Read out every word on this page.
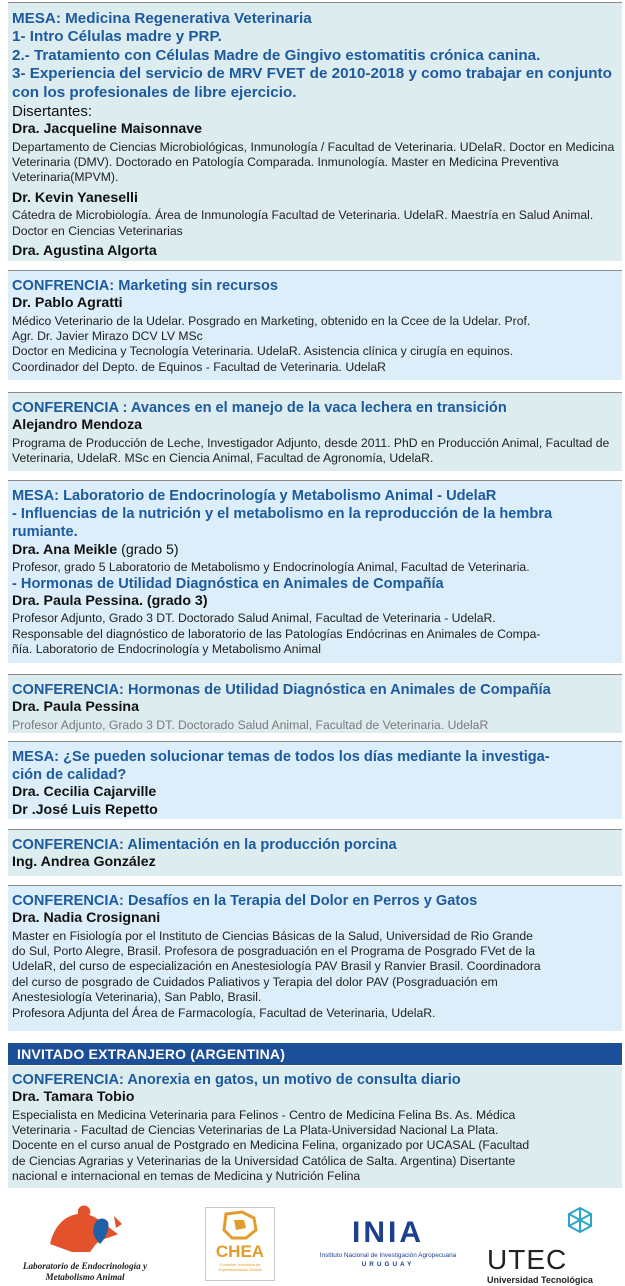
MESA: Medicina Regenerativa Veterinaria
1- Intro Células madre y PRP.
2.- Tratamiento con Células Madre de Gingivo estomatitis crónica canina.
3- Experiencia del servicio de MRV FVET de 2010-2018 y como trabajar en conjunto con los profesionales de libre ejercicio.
Disertantes:
Dra. Jacqueline Maisonnave
Departamento de Ciencias Microbiológicas, Inmunología / Facultad de Veterinaria. UDelaR. Doctor en Medicina Veterinaria (DMV). Doctorado en Patología Comparada. Inmunología. Master en Medicina Preventiva Veterinaria(MPVM).
Dr. Kevin Yaneselli
Cátedra de Microbiología. Área de Inmunología Facultad de Veterinaria. UdelaR. Maestría en Salud Animal. Doctor en Ciencias Veterinarias
Dra. Agustina Algorta
CONFRENCIA: Marketing sin recursos
Dr. Pablo Agratti
Médico Veterinario de la Udelar. Posgrado en Marketing, obtenido en la Ccee de la Udelar. Prof.
Agr. Dr. Javier Mirazo DCV LV MSc
Doctor en Medicina y Tecnología Veterinaria. UdelaR. Asistencia clínica y cirugía en equinos.
Coordinador del Depto. de Equinos - Facultad de Veterinaria. UdelaR
CONFERENCIA : Avances en el manejo de la vaca lechera en transición
Alejandro Mendoza
Programa de Producción de Leche, Investigador Adjunto, desde 2011. PhD en Producción Animal, Facultad de Veterinaria, UdelaR. MSc en Ciencia Animal, Facultad de Agronomía, UdelaR.
MESA: Laboratorio de Endocrinología y Metabolismo Animal - UdelaR
- Influencias de la nutrición y el metabolismo en la reproducción de la hembra rumiante.
Dra. Ana Meikle (grado 5)
Profesor, grado 5 Laboratorio de Metabolismo y Endocrinología Animal, Facultad de Veterinaria.
- Hormonas de Utilidad Diagnóstica en Animales de Compañía
Dra. Paula Pessina. (grado 3)
Profesor Adjunto, Grado 3 DT. Doctorado Salud Animal, Facultad de Veterinaria - UdelaR.
Responsable del diagnóstico de laboratorio de las Patologías Endócrinas en Animales de Compa-
ñía. Laboratorio de Endocrinología y Metabolismo Animal
CONFERENCIA: Hormonas de Utilidad Diagnóstica en Animales de Compañía
Dra. Paula Pessina
Profesor Adjunto, Grado 3 DT. Doctorado Salud Animal, Facultad de Veterinaria. UdelaR
MESA: ¿Se pueden solucionar temas de todos los días mediante la investiga-
ción de calidad?
Dra. Cecilia Cajarville
Dr .José Luis Repetto
CONFERENCIA: Alimentación en la producción porcina
Ing. Andrea González
CONFERENCIA: Desafíos en la Terapia del Dolor en Perros y Gatos
Dra. Nadia Crosignani
Master en Fisiología por el Instituto de Ciencias Básicas de la Salud, Universidad de Rio Grande
do Sul, Porto Alegre, Brasil. Profesora de posgraduación en el Programa de Posgrado FVet de la
UdelaR, del curso de especialización en Anestesiología PAV Brasil y Ranvier Brasil. Coordinadora
del curso de posgrado de Cuidados Paliativos y Terapia del dolor PAV (Posgraduación em
Anestesiología Veterinaria), San Pablo, Brasil.
Profesora Adjunta del Área de Farmacología, Facultad de Veterinaria, UdelaR.
INVITADO EXTRANJERO (ARGENTINA)
CONFERENCIA: Anorexia en gatos, un motivo de consulta diario
Dra. Tamara Tobio
Especialista en Medicina Veterinaria para Felinos - Centro de Medicina Felina Bs. As. Médica
Veterinaria - Facultad de Ciencias Veterinarias de La Plata-Universidad Nacional La Plata.
Docente en el curso anual de Postgrado en Medicina Felina, organizado por UCASAL (Facultad
de Ciencias Agrarias y Veterinarias de la Universidad Católica de Salta. Argentina) Disertante
nacional e internacional en temas de Medicina y Nutrición Felina
Laboratorio de Endocrinología y Metabolismo Animal
CHEA
Comisión Honoraria de Experimentación Animal
INIA
Instituto Nacional de Investigación Agropecuaria
URUGUAY	UTEC
Universidad Tecnológica
